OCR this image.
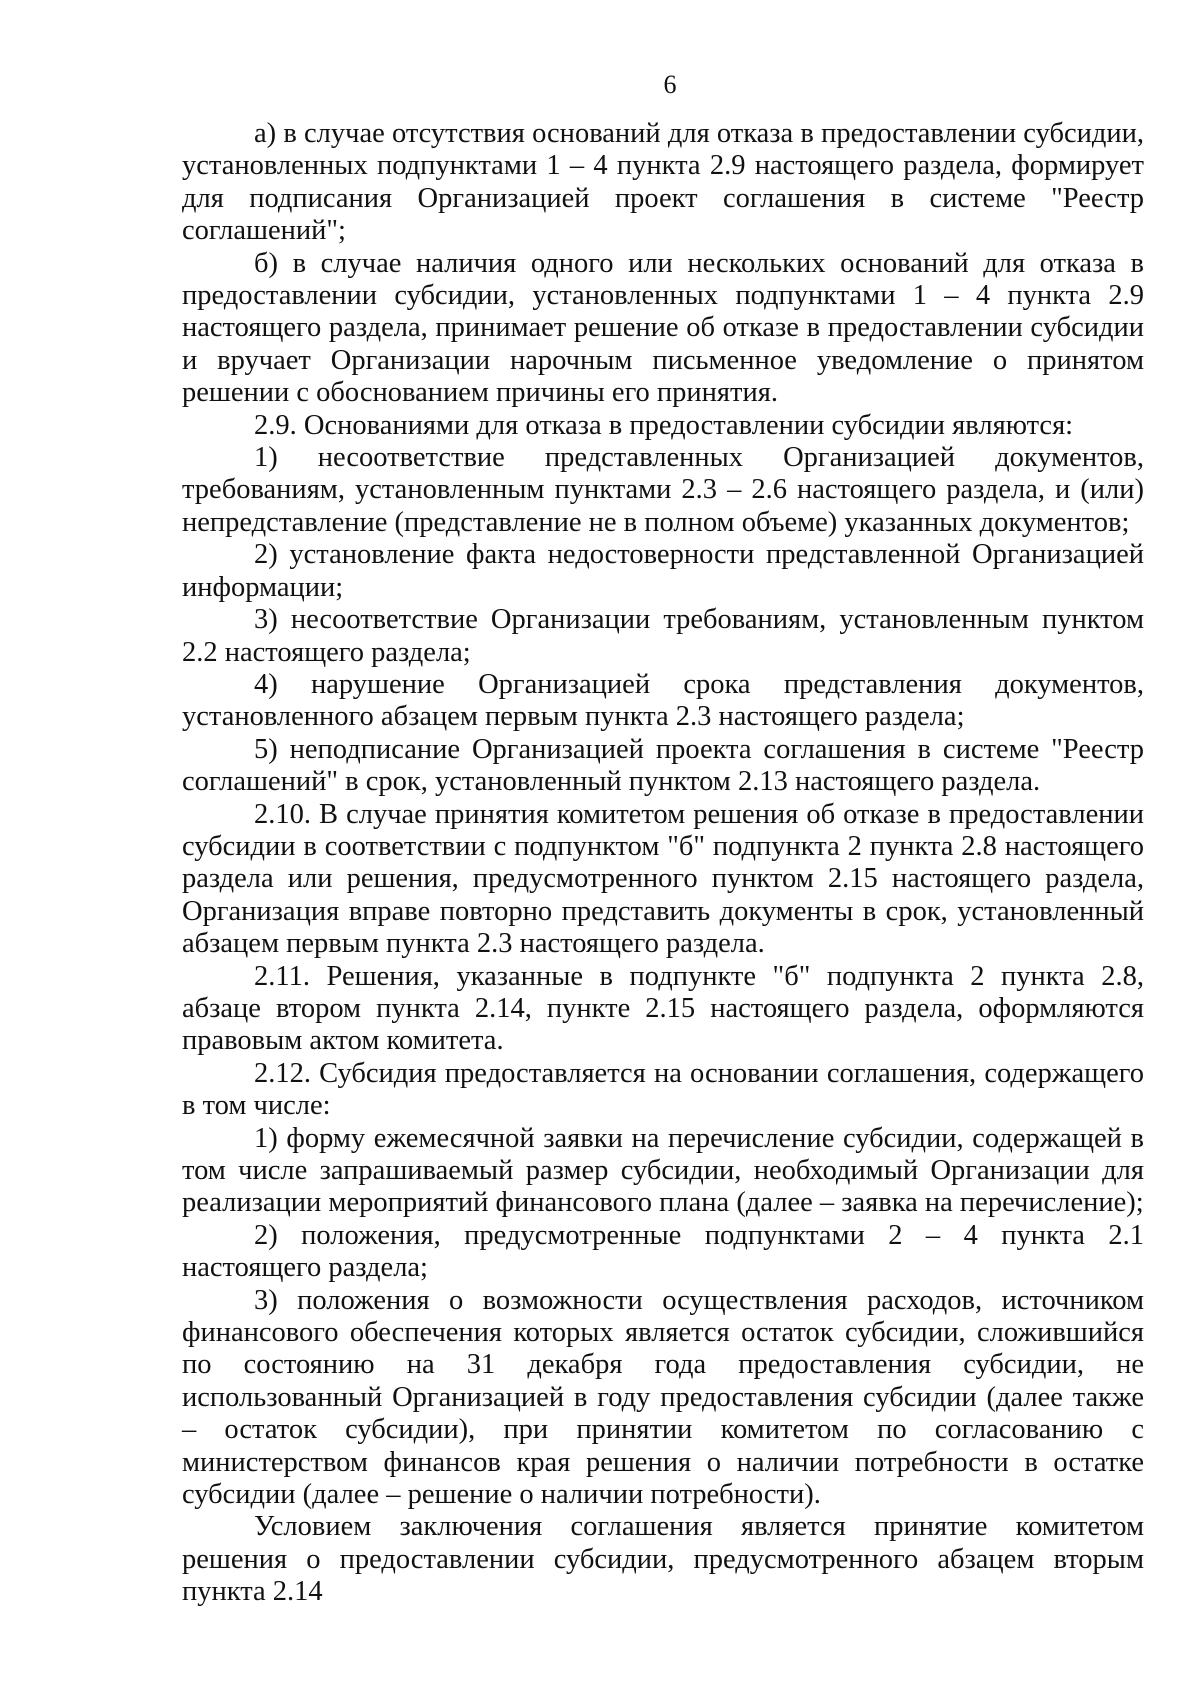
6

а) в случае отсутствия оснований для отказа в предоставлении субсидии, установленных подпунктами 1 – 4 пункта 2.9 настоящего раздела, формирует для подписания Организацией проект соглашения в системе "Реестр соглашений";

б) в случае наличия одного или нескольких оснований для отказа в предоставлении субсидии, установленных подпунктами 1 – 4 пункта 2.9 настоящего раздела, принимает решение об отказе в предоставлении субсидии и вручает Организации нарочным письменное уведомление о принятом решении с обоснованием причины его принятия.

2.9. Основаниями для отказа в предоставлении субсидии являются:

1) несоответствие представленных Организацией документов, требованиям, установленным пунктами 2.3 – 2.6 настоящего раздела, и (или) непредставление (представление не в полном объеме) указанных документов;

2) установление факта недостоверности представленной Организацией информации;

3) несоответствие Организации требованиям, установленным пунктом 2.2 настоящего раздела;

4) нарушение Организацией срока представления документов, установленного абзацем первым пункта 2.3 настоящего раздела;

5) неподписание Организацией проекта соглашения в системе "Реестр соглашений" в срок, установленный пунктом 2.13 настоящего раздела.

2.10. В случае принятия комитетом решения об отказе в предоставлении субсидии в соответствии с подпунктом "б" подпункта 2 пункта 2.8 настоящего раздела или решения, предусмотренного пунктом 2.15 настоящего раздела, Организация вправе повторно представить документы в срок, установленный абзацем первым пункта 2.3 настоящего раздела.

2.11. Решения, указанные в подпункте "б" подпункта 2 пункта 2.8, абзаце втором пункта 2.14, пункте 2.15 настоящего раздела, оформляются правовым актом комитета.

2.12. Субсидия предоставляется на основании соглашения, содержащего в том числе:

1) форму ежемесячной заявки на перечисление субсидии, содержащей в том числе запрашиваемый размер субсидии, необходимый Организации для реализации мероприятий финансового плана (далее – заявка на перечисление);

2) положения, предусмотренные подпунктами 2 – 4 пункта 2.1 настоящего раздела;

3) положения о возможности осуществления расходов, источником финансового обеспечения которых является остаток субсидии, сложившийся по состоянию на 31 декабря года предоставления субсидии, не использованный Организацией в году предоставления субсидии (далее также – остаток субсидии), при принятии комитетом по согласованию с министерством финансов края решения о наличии потребности в остатке субсидии (далее – решение о наличии потребности).

Условием заключения соглашения является принятие комитетом решения о предоставлении субсидии, предусмотренного абзацем вторым пункта 2.14
